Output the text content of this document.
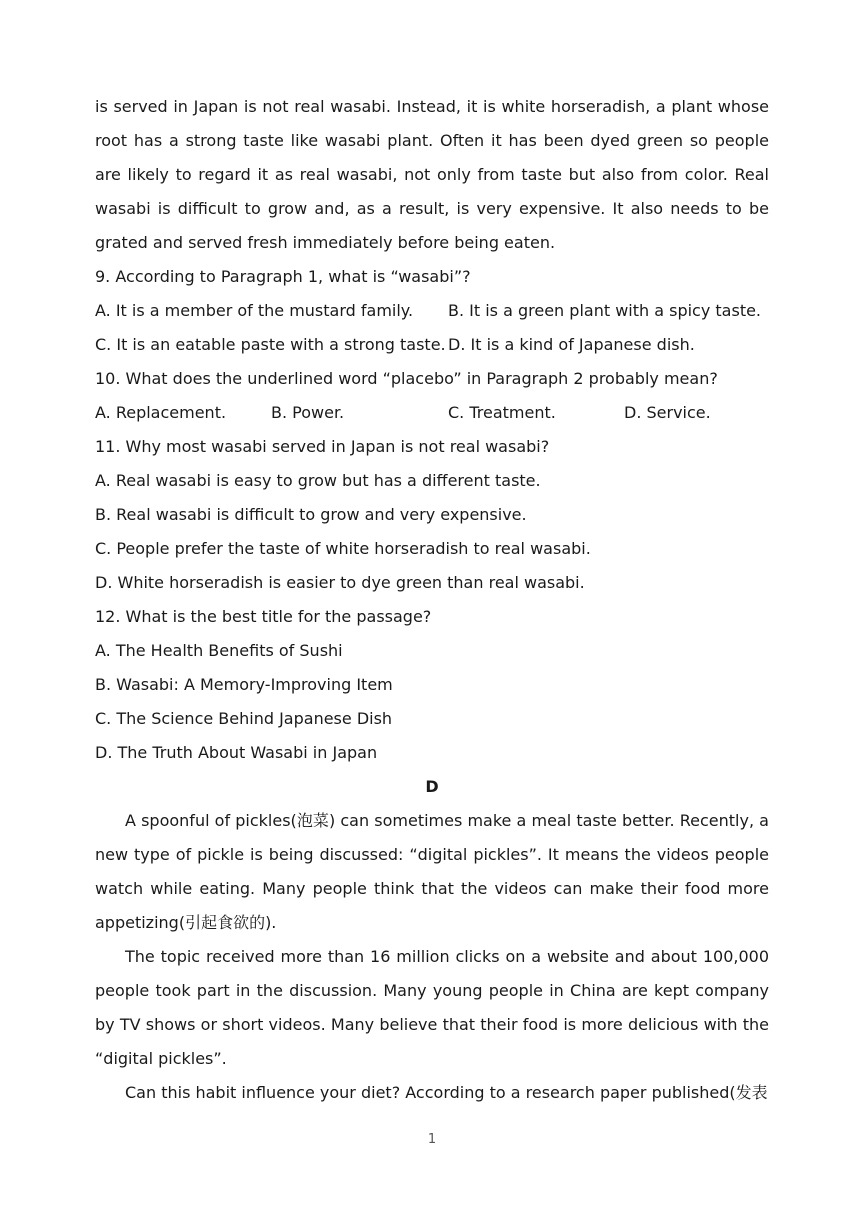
is served in Japan is not real wasabi. Instead, it is white horseradish, a plant whose root has a strong taste like wasabi plant. Often it has been dyed green so people are likely to regard it as real wasabi, not only from taste but also from color. Real wasabi is difficult to grow and, as a result, is very expensive. It also needs to be grated and served fresh immediately before being eaten.

9. According to Paragraph 1, what is “wasabi”?
A. It is a member of the mustard family.	B. It is a green plant with a spicy taste.
C. It is an eatable paste with a strong taste. D. It is a kind of Japanese dish.
10. What does the underlined word “placebo” in Paragraph 2 probably mean?
A. Replacement.	B. Power.	C. Treatment.	D. Service.
11. Why most wasabi served in Japan is not real wasabi?
A. Real wasabi is easy to grow but has a different taste.
B. Real wasabi is difficult to grow and very expensive.
C. People prefer the taste of white horseradish to real wasabi.
D. White horseradish is easier to dye green than real wasabi.
12. What is the best title for the passage?
A. The Health Benefits of Sushi
B. Wasabi: A Memory-Improving Item
C. The Science Behind Japanese Dish
D. The Truth About Wasabi in Japan
D

A spoonful of pickles(泡菜) can sometimes make a meal taste better. Recently, a new type of pickle is being discussed: “digital pickles”. It means the videos people watch while eating. Many people think that the videos can make their food more appetizing(引起食欲的).

The topic received more than 16 million clicks on a website and about 100,000 people took part in the discussion. Many young people in China are kept company by TV shows or short videos. Many believe that their food is more delicious with the “digital pickles”.

Can this habit influence your diet? According to a research paper published(发表

1
